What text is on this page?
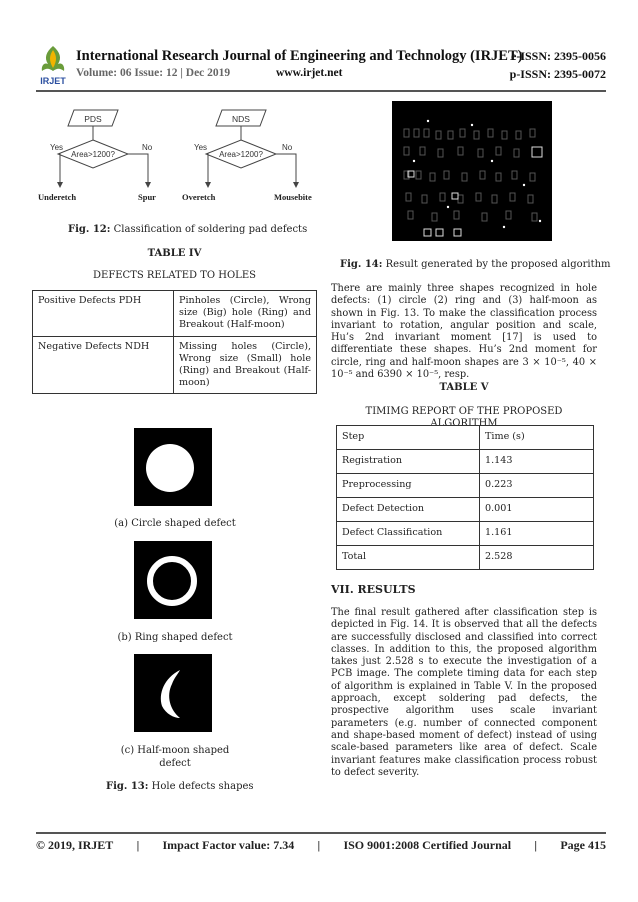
IRJET
International Research Journal of Engineering and Technology (IRJET)
e-ISSN: 2395-0056
Volume: 06 Issue: 12 | Dec 2019	www.irjet.net	p-ISSN: 2395-0072
PDS
Area>1200?
Yes	No
Underetch	Spur
NDS
Area>1200?
Yes	No
Overetch	Mousebite
Fig. 12: Classification of soldering pad defects
TABLE IV
DEFECTS RELATED TO HOLES
Positive Defects PDH	Pinholes (Circle), Wrong size (Big) hole (Ring) and Breakout (Half-moon)
Negative Defects NDH	Missing holes (Circle), Wrong size (Small) hole (Ring) and Breakout (Half-moon)
(a) Circle shaped defect
(b) Ring shaped defect
(c) Half-moon shaped
defect
Fig. 13: Hole defects shapes
Fig. 14: Result generated by the proposed algorithm
There are mainly three shapes recognized in hole defects: (1) circle (2) ring and (3) half-moon as shown in Fig. 13. To make the classification process invariant to rotation, angular position and scale, Hu’s 2nd invariant moment [17] is used to differentiate these shapes. Hu’s 2nd moment for circle, ring and half-moon shapes are 3 × 10⁻⁵, 40 × 10⁻⁵ and 6390 × 10⁻⁵, resp.
TABLE V
TIMIMG REPORT OF THE PROPOSED ALGORITHM
Step	Time (s)
Registration	1.143
Preprocessing	0.223
Defect Detection	0.001
Defect Classification	1.161
Total	2.528
VII. RESULTS
The final result gathered after classification step is depicted in Fig. 14. It is observed that all the defects are successfully disclosed and classified into correct classes. In addition to this, the proposed algorithm takes just 2.528 s to execute the investigation of a PCB image. The complete timing data for each step of algorithm is explained in Table V. In the proposed approach, except soldering pad defects, the prospective algorithm uses scale invariant parameters (e.g. number of connected component and shape-based moment of defect) instead of using scale-based parameters like area of defect. Scale invariant features make classification process robust to defect severity.
© 2019, IRJET | Impact Factor value: 7.34 | ISO 9001:2008 Certified Journal | Page 415
